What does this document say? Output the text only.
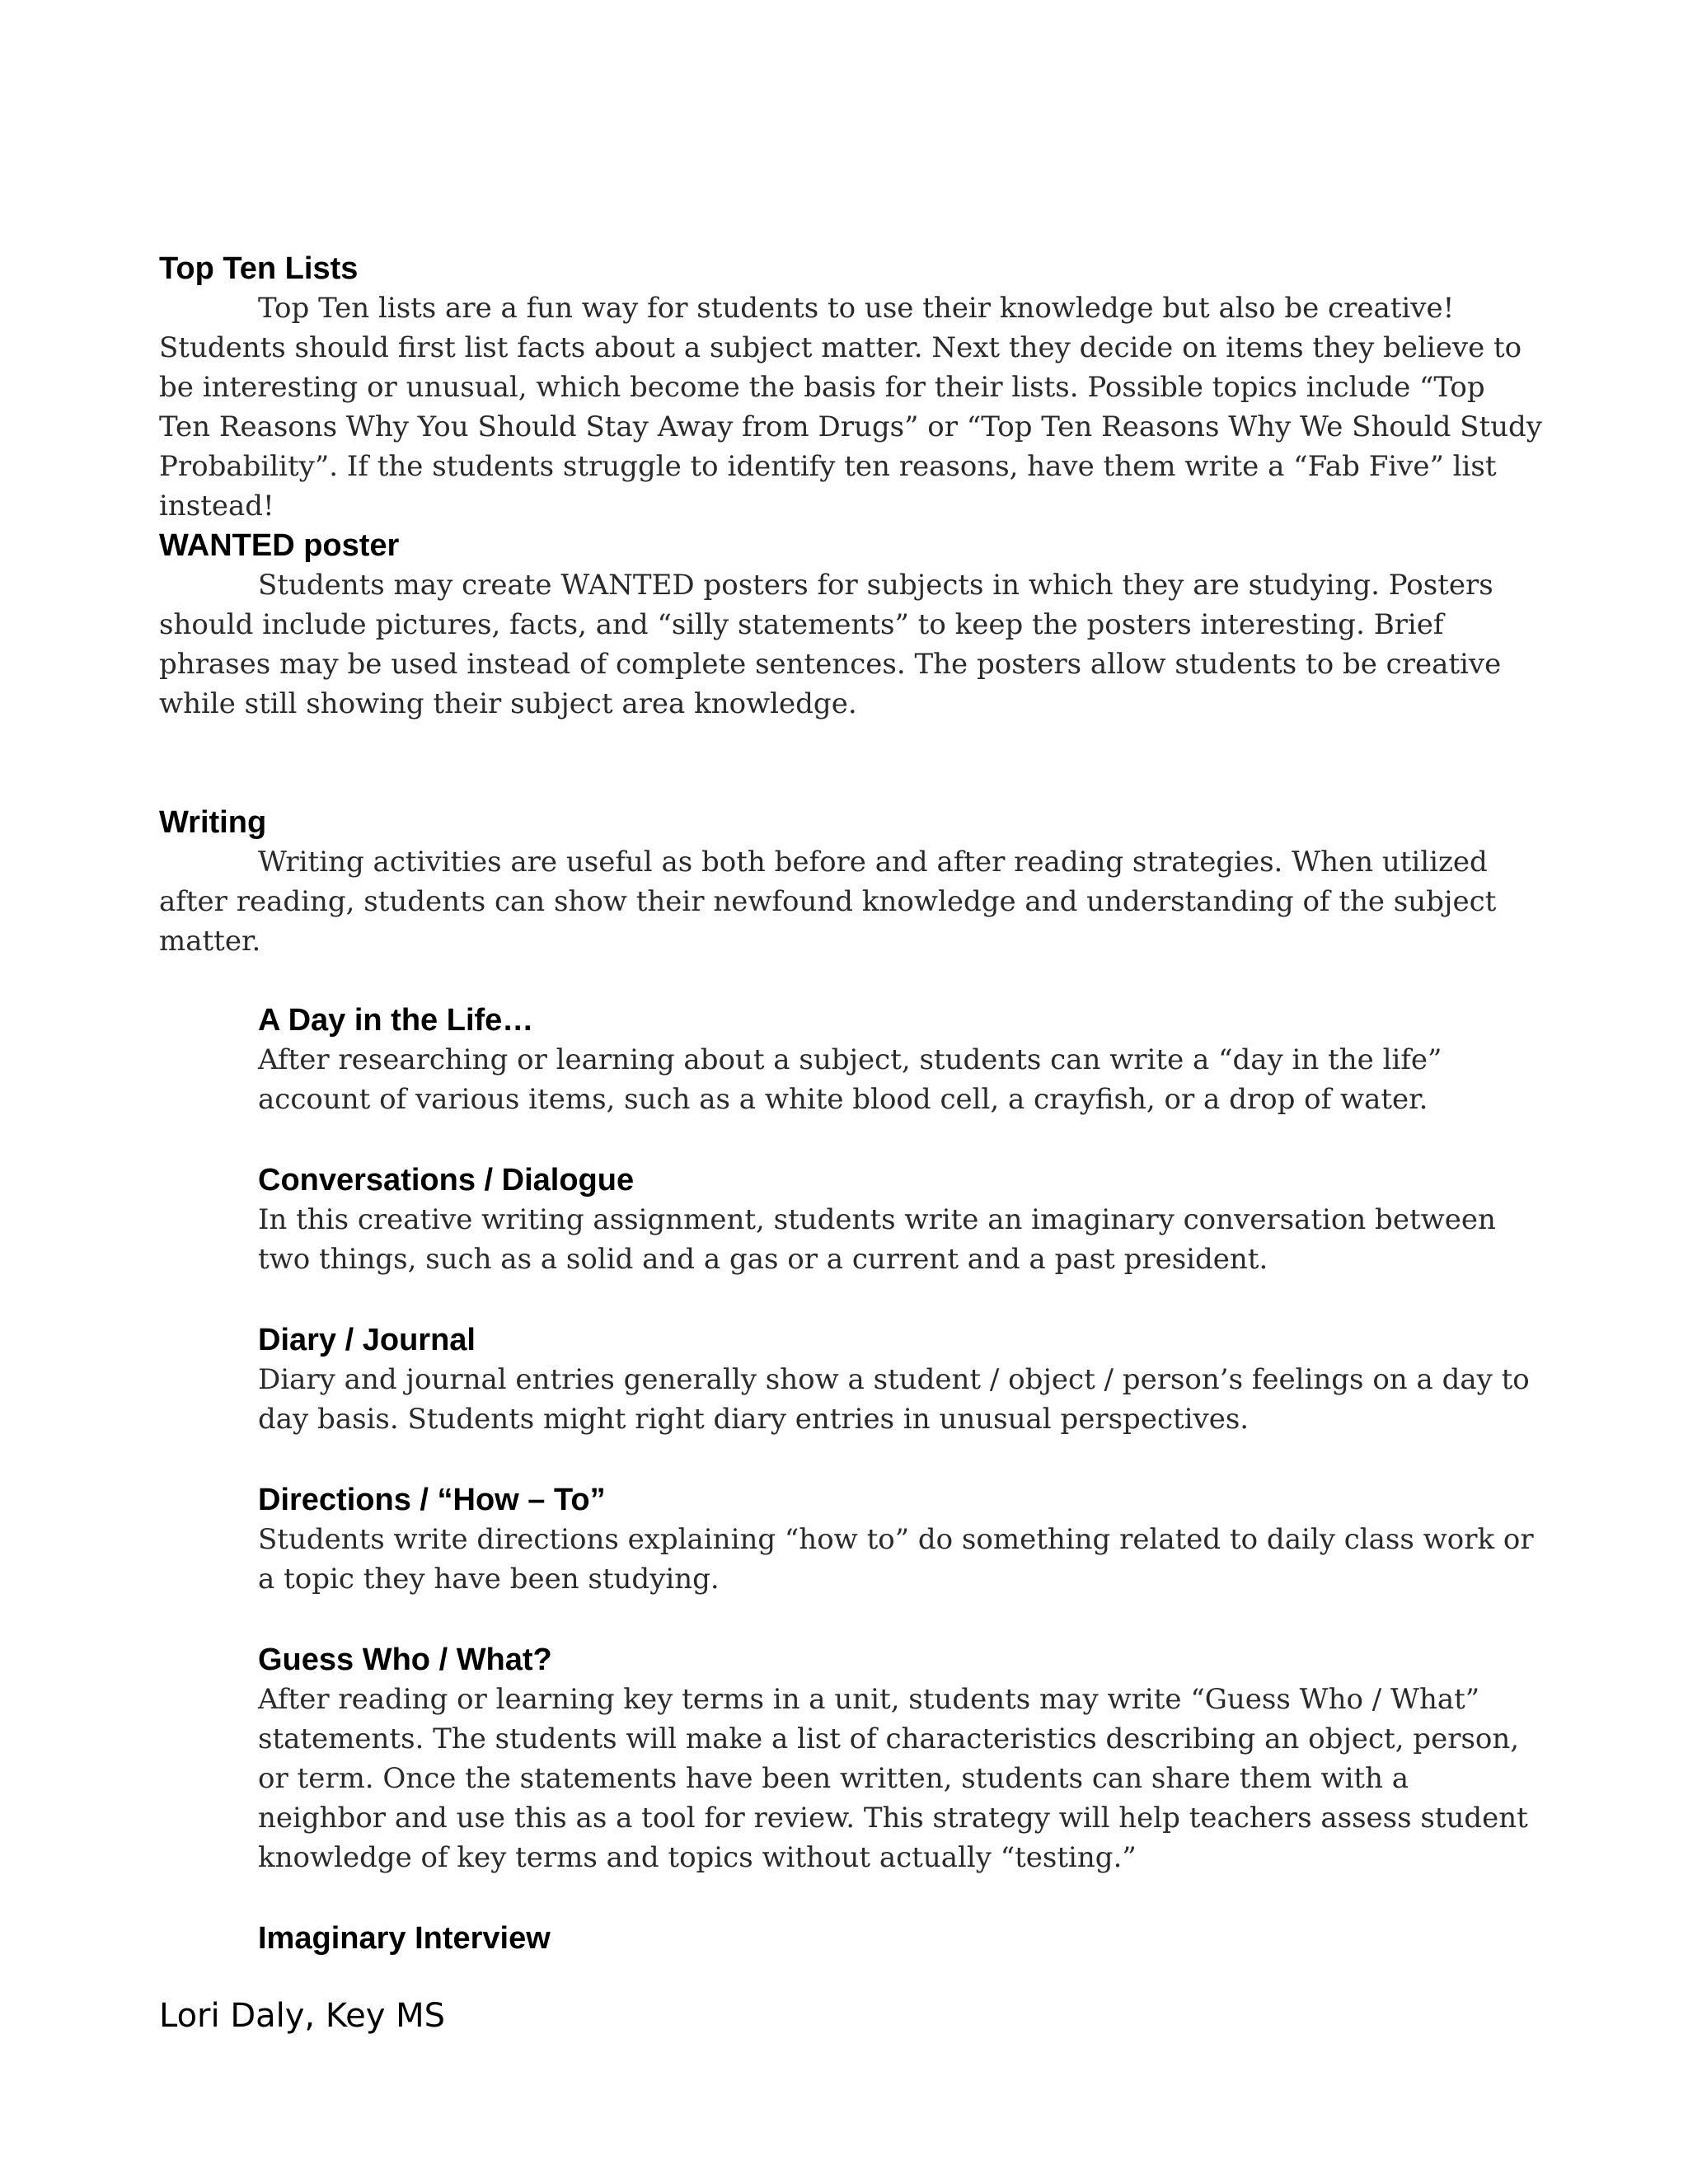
Top Ten Lists

Top Ten lists are a fun way for students to use their knowledge but also be creative! Students should first list facts about a subject matter. Next they decide on items they believe to be interesting or unusual, which become the basis for their lists. Possible topics include “Top Ten Reasons Why You Should Stay Away from Drugs” or “Top Ten Reasons Why We Should Study Probability”. If the students struggle to identify ten reasons, have them write a “Fab Five” list instead!

WANTED poster

Students may create WANTED posters for subjects in which they are studying. Posters should include pictures, facts, and “silly statements” to keep the posters interesting. Brief phrases may be used instead of complete sentences. The posters allow students to be creative while still showing their subject area knowledge.

Writing

Writing activities are useful as both before and after reading strategies. When utilized after reading, students can show their newfound knowledge and understanding of the subject matter.

A Day in the Life…

After researching or learning about a subject, students can write a “day in the life” account of various items, such as a white blood cell, a crayfish, or a drop of water.

Conversations / Dialogue

In this creative writing assignment, students write an imaginary conversation between two things, such as a solid and a gas or a current and a past president.

Diary / Journal

Diary and journal entries generally show a student / object / person’s feelings on a day to day basis. Students might right diary entries in unusual perspectives.

Directions / “How – To”

Students write directions explaining “how to” do something related to daily class work or a topic they have been studying.

Guess Who / What?

After reading or learning key terms in a unit, students may write “Guess Who / What” statements. The students will make a list of characteristics describing an object, person, or term. Once the statements have been written, students can share them with a neighbor and use this as a tool for review. This strategy will help teachers assess student knowledge of key terms and topics without actually “testing.”

Imaginary Interview
Lori Daly, Key MS
